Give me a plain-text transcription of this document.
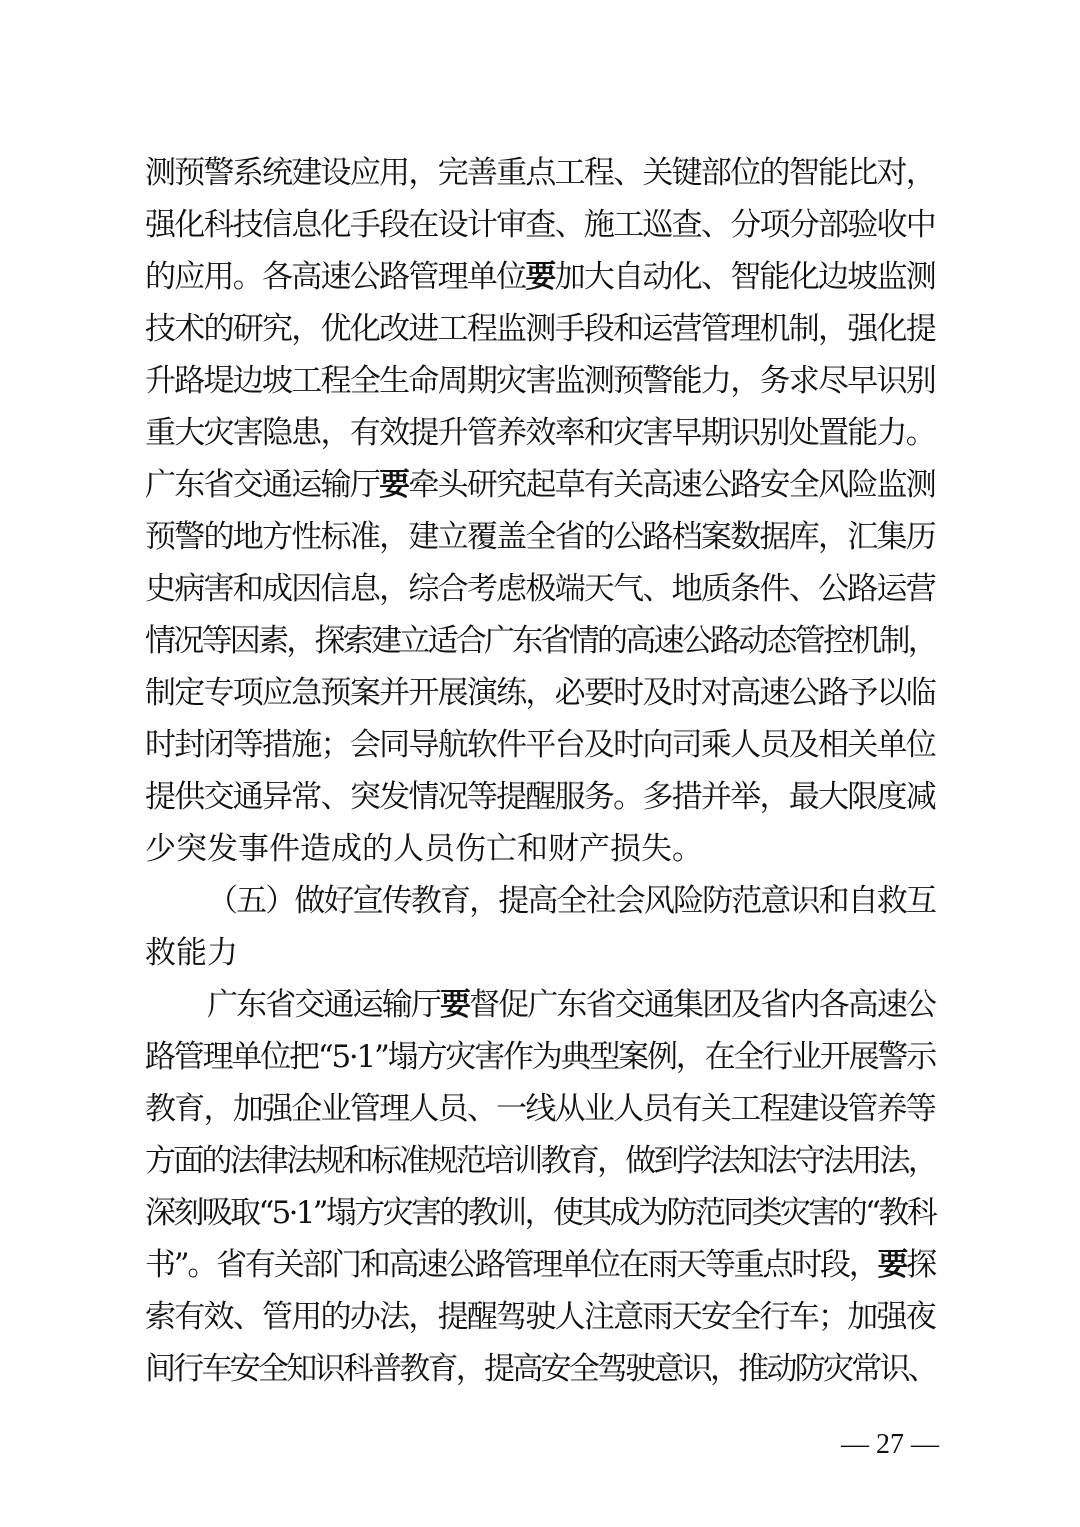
测预警系统建设应用，完善重点工程、关键部位的智能比对，
强化科技信息化手段在设计审查、施工巡查、分项分部验收中
的应用。各高速公路管理单位要加大自动化、智能化边坡监测
技术的研究，优化改进工程监测手段和运营管理机制，强化提
升路堤边坡工程全生命周期灾害监测预警能力，务求尽早识别
重大灾害隐患，有效提升管养效率和灾害早期识别处置能力。
广东省交通运输厅要牵头研究起草有关高速公路安全风险监测
预警的地方性标准，建立覆盖全省的公路档案数据库，汇集历
史病害和成因信息，综合考虑极端天气、地质条件、公路运营
情况等因素，探索建立适合广东省情的高速公路动态管控机制，
制定专项应急预案并开展演练，必要时及时对高速公路予以临
时封闭等措施；会同导航软件平台及时向司乘人员及相关单位
提供交通异常、突发情况等提醒服务。多措并举，最大限度减
少突发事件造成的人员伤亡和财产损失。
（五）做好宣传教育，提高全社会风险防范意识和自救互
救能力
广东省交通运输厅要督促广东省交通集团及省内各高速公
路管理单位把“5·1”塌方灾害作为典型案例，在全行业开展警示
教育，加强企业管理人员、一线从业人员有关工程建设管养等
方面的法律法规和标准规范培训教育，做到学法知法守法用法，
深刻吸取“5·1”塌方灾害的教训，使其成为防范同类灾害的“教科
书”。省有关部门和高速公路管理单位在雨天等重点时段，要探
索有效、管用的办法，提醒驾驶人注意雨天安全行车；加强夜
间行车安全知识科普教育，提高安全驾驶意识，推动防灾常识、
— 27 —
